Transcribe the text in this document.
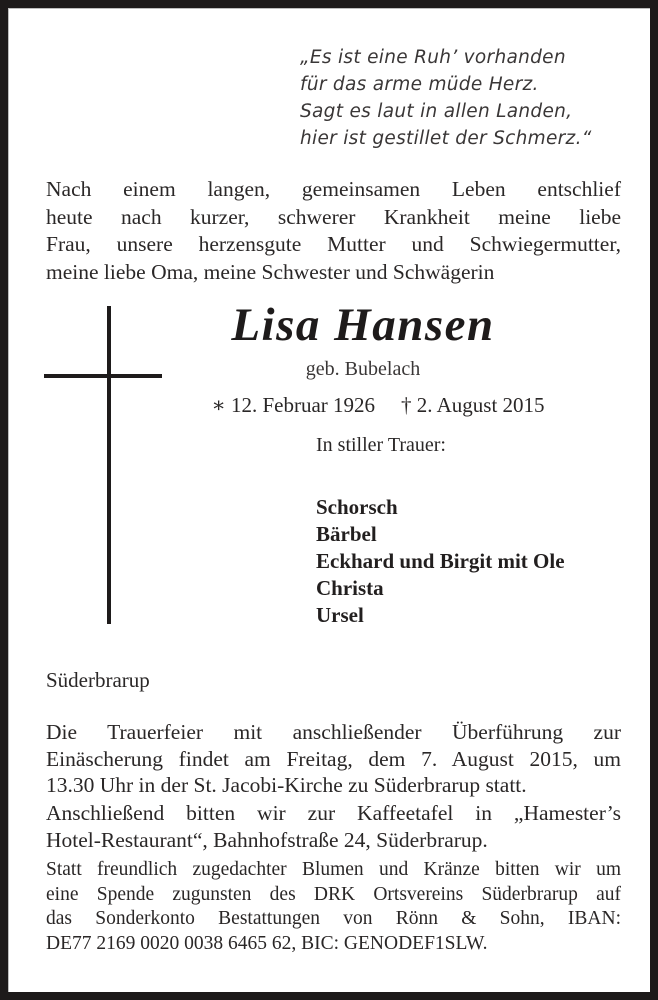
„Es ist eine Ruh’ vorhanden
für das arme müde Herz.
Sagt es laut in allen Landen,
hier ist gestillet der Schmerz.“
Nach einem langen, gemeinsamen Leben entschlief
heute nach kurzer, schwerer Krankheit meine liebe
Frau, unsere herzensgute Mutter und Schwiegermutter,
meine liebe Oma, meine Schwester und Schwägerin
Lisa Hansen
geb. Bubelach
∗ 12. Februar 1926 † 2. August 2015
In stiller Trauer:
Schorsch
Bärbel
Eckhard und Birgit mit Ole
Christa
Ursel
Süderbrarup
Die Trauerfeier mit anschließender Überführung zur
Einäscherung findet am Freitag, dem 7. August 2015, um
13.30 Uhr in der St. Jacobi-Kirche zu Süderbrarup statt.
Anschließend bitten wir zur Kaffeetafel in „Hamester’s
Hotel-Restaurant“, Bahnhofstraße 24, Süderbrarup.
Statt freundlich zugedachter Blumen und Kränze bitten wir um
eine Spende zugunsten des DRK Ortsvereins Süderbrarup auf
das Sonderkonto Bestattungen von Rönn & Sohn, IBAN:
DE77 2169 0020 0038 6465 62, BIC: GENODEF1SLW.
